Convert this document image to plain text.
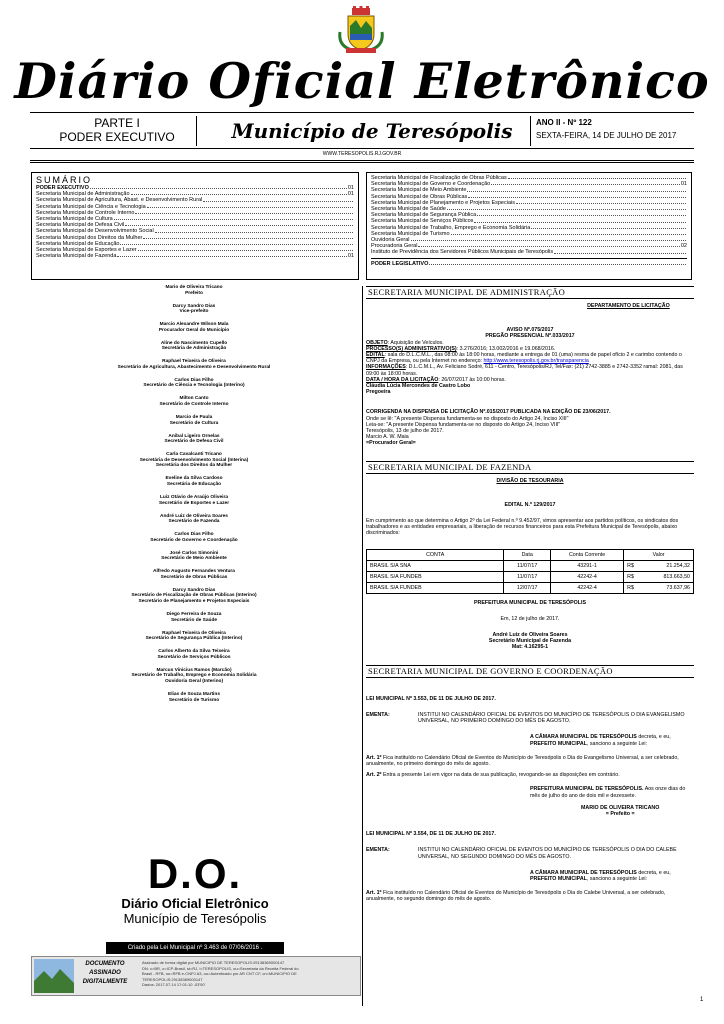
Diário Oficial Eletrônico
PARTE I
PODER EXECUTIVO	Município de Teresópolis	ANO II - Nº 122
SEXTA-FEIRA, 14 DE JULHO DE 2017
WWW.TERESOPOLIS.RJ.GOV.BR
SUMÁRIO
PODER EXECUTIVO	01
Secretaria Municipal de Administração	01
Secretaria Municipal de Agricultura, Abast. e Desenvolvimento Rural
Secretaria Municipal de Ciência e Tecnologia
Secretaria Municipal de Controle Interno
Secretaria Municipal de Cultura
Secretaria Municipal de Defesa Civil
Secretaria Municipal de Desenvolvimento Social
Secretaria Municipal dos Direitos da Mulher
Secretaria Municipal de Educação
Secretaria Municipal de Esportes e Lazer
Secretaria Municipal de Fazenda	01
Secretaria Municipal de Fiscalização de Obras Públicas
Secretaria Municipal de Governo e Coordenação	01
Secretaria Municipal de Meio Ambiente
Secretaria Municipal de Obras Públicas
Secretaria Municipal de Planejamento e Projetos Especiais
Secretaria Municipal de Saúde
Secretaria Municipal de Segurança Pública
Secretaria Municipal de Serviços Públicos
Secretaria Municipal de Trabalho, Emprego e Economia Solidária
Secretaria Municipal de Turismo
Ouvidoria Geral
Procuradoria Geral	02
Instituto de Previdência dos Servidores Públicos Municipais de Teresópolis
PODER LEGISLATIVO
Mario de Oliveira Tricano
Prefeito
Darcy Sandro Dias
Vice-prefeito
Marcio Alexandre Wilson Mala
Procurador Geral do Município
Aline do Nascimento Cupello
Secretária de Administração
Raphael Teixeira de Oliveira
Secretário de Agricultura, Abastecimento e Desenvolvimento Rural
Carlos Dias Filho
Secretário de Ciência e Tecnologia (Interino)
Milton Canto
Secretário de Controle Interno
Marcio de Paula
Secretário de Cultura
Anibal Ligeiro Ornelas
Secretário de Defesa Civil
Carla Cavalcanti Tricano
Secretária de Desenvolvimento Social (Interina)
Secretária dos Direitos da Mulher
Eveline da Silva Cardoso
Secretária de Educação
Luiz Otávio de Araújo Oliveira
Secretário de Esportes e Lazer
André Luiz de Oliveira Soares
Secretário de Fazenda
Carlos Dias Filho
Secretário de Governo e Coordenação
José Carlos Simonini
Secretário de Meio Ambiente
Alfredo Augusto Fernandes Ventura
Secretário de Obras Públicas
Darcy Sandro Dias
Secretário de Fiscalização de Obras Públicas (Interino)
Secretário de Planejamento e Projetos Especiais
Diego Ferreira de Souza
Secretário de Saúde
Raphael Teixeira de Oliveira
Secretário de Segurança Pública (Interino)
Carlos Alberto da Silva Teixeira
Secretário de Serviços Públicos
Marcus Vinicius Ramos (Marcão)
Secretário de Trabalho, Emprego e Economia Solidária
Ouvidoria Geral (Interino)
Elias de Souza Martins
Secretário de Turismo
D.O.
Diário Oficial Eletrônico
Município de Teresópolis
Criado pela Lei Municipal nº 3.463 de 07/06/2016 .
DOCUMENTO
ASSINADO
DIGITALMENTE
Assinado de forma digital por MUNICIPIO DE TERESOPOLIS:29138369000147
DN: c=BR, o=ICP-Brasil, st=RJ, l=TERESOPOLIS, ou=Secretaria da Receita Federal do
Brasil - RFB, ou=RFB e-CNPJ A3, ou=Autenticado por AR CNT CF, cn=MUNICIPIO DE
TERESOPOLIS:29138369000147
Dados: 2017.07.14 17:01:10 -03'00'
SECRETARIA MUNICIPAL DE ADMINISTRAÇÃO
DEPARTAMENTO DE LICITAÇÃO
AVISO Nº.075/2017
PREGÃO PRESENCIAL Nº.033/2017
OBJETO: Aquisição de Veículos.
PROCESSO(S) ADMINISTRATIVO(S): 3.276/2016; 13.002/2016 e 19.068/2016.
EDITAL: sala do D.L.C.M.L., das 08:00 às 18:00 horas, mediante a entrega de 01 (uma) resma de papel ofício 2 e carimbo contendo o CNPJ da Empresa, ou pela Internet no endereço: http://www.teresopolis.rj.gov.br/transparencia
INFORMAÇÕES: D.L.C.M.L., Av. Feliciano Sodré, 611 - Centro, Teresópolis/RJ, Tel/Fax: (21) 2742-3885 e 2742-3352 ramal: 2081, das 09:00 às 18:00 horas.
DATA / HORA DA LICITAÇÃO: 26/07/2017 às 10:00 horas.
Cláudia Lúcia Mercondes de Castro Lobo
Pregoeira
CORRIGENDA NA DISPENSA DE LICITAÇÃO Nº.015/2017 PUBLICADA NA EDIÇÃO DE 23/06/2017.
Onde se lê: "A presente Dispensa fundamenta-se no disposto do Artigo 24, Inciso XIII"
Leia-se: "A presente Dispensa fundamenta-se no disposto do Artigo 24, Inciso VIII"
Teresópolis, 13 de julho de 2017.
Marcio A. W. Maia
=Procurador Geral=
SECRETARIA MUNICIPAL DE FAZENDA
DIVISÃO DE TESOURARIA
EDITAL N.º 129/2017
Em cumprimento ao que determina o Artigo 2º da Lei Federal n.º 9.452/97, vimos apresentar aos partidos políticos, os sindicatos dos trabalhadores e as entidades empresariais, a liberação de recursos financeiros para esta Prefeitura Municipal de Teresópolis, abaixo discriminados:
CONTA	Data	Conta Corrente	Valor	
BRASIL S/A SNA	11/07/17	43291-1	R$	21.254,32
BRASIL S/A FUNDEB	11/07/17	42242-4	R$	813.663,50
BRASIL S/A FUNDEB	12/07/17	42242-4	R$	73.637,96
PREFEITURA MUNICIPAL DE TERESÓPOLIS
Em, 12 de julho de 2017.
André Luiz de Oliveira Soares
Secretário Municipal de Fazenda
Mat: 4.16295-1
SECRETARIA MUNICIPAL DE GOVERNO E COORDENAÇÃO
LEI MUNICIPAL Nº 3.553, DE 11 DE JULHO DE 2017.
EMENTA:	INSTITUI NO CALENDÁRIO OFICIAL DE EVENTOS DO MUNICÍPIO DE TERESÓPOLIS O DIA EVANGELISMO UNIVERSAL, NO PRIMEIRO DOMINGO DO MÊS DE AGOSTO.
A CÂMARA MUNICIPAL DE TERESÓPOLIS decreta, e eu, PREFEITO MUNICIPAL, sanciono a seguinte Lei:
Art. 1º Fica instituído no Calendário Oficial de Eventos do Município de Teresópolis o Dia do Evangelismo Universal, a ser celebrado, anualmente, no primeiro domingo do mês de agosto.
Art. 2º Entra a presente Lei em vigor na data de sua publicação, revogando-se as disposições em contrário.
PREFEITURA MUNICIPAL DE TERESÓPOLIS. Aos onze dias do mês de julho do ano de dois mil e dezessete.
MARIO DE OLIVEIRA TRICANO
= Prefeito =
LEI MUNICIPAL Nº 3.554, DE 11 DE JULHO DE 2017.
EMENTA:	INSTITUI NO CALENDÁRIO OFICIAL DE EVENTOS DO MUNICÍPIO DE TERESÓPOLIS O DIA DO CALEBE UNIVERSAL, NO SEGUNDO DOMINGO DO MÊS DE AGOSTO.
A CÂMARA MUNICIPAL DE TERESÓPOLIS decreta, e eu, PREFEITO MUNICIPAL, sanciono a seguinte Lei:
Art. 1º Fica instituído no Calendário Oficial de Eventos do Município de Teresópolis o Dia do Calebe Universal, a ser celebrado, anualmente, no segundo domingo do mês de agosto.
1
